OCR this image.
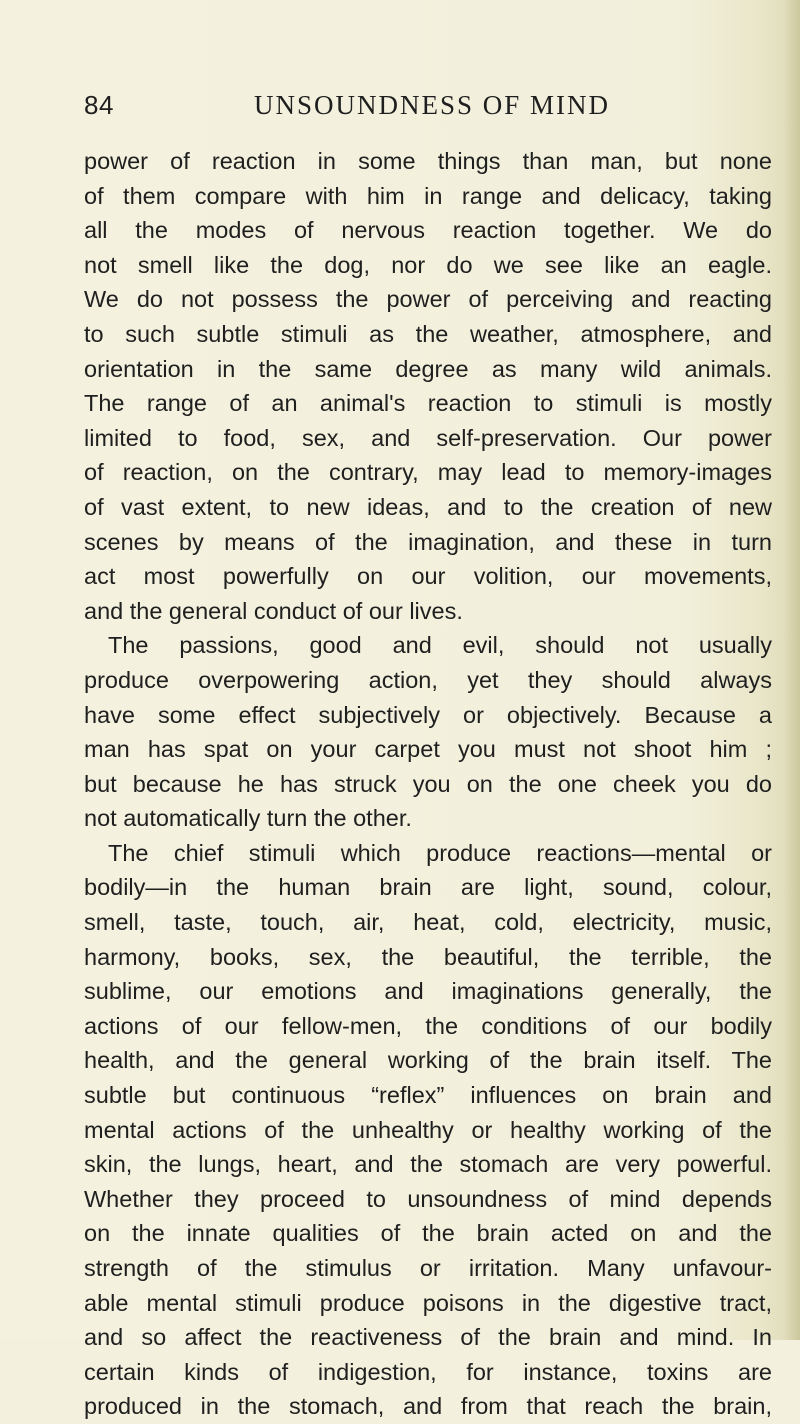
84	UNSOUNDNESS OF MIND
power of reaction in some things than man, but none
of them compare with him in range and delicacy, taking
all the modes of nervous reaction together. We do
not smell like the dog, nor do we see like an eagle.
We do not possess the power of perceiving and reacting
to such subtle stimuli as the weather, atmosphere, and
orientation in the same degree as many wild animals.
The range of an animal's reaction to stimuli is mostly
limited to food, sex, and self-preservation. Our power
of reaction, on the contrary, may lead to memory-images
of vast extent, to new ideas, and to the creation of new
scenes by means of the imagination, and these in turn
act most powerfully on our volition, our movements,
and the general conduct of our lives.
The passions, good and evil, should not usually
produce overpowering action, yet they should always
have some effect subjectively or objectively. Because a
man has spat on your carpet you must not shoot him ;
but because he has struck you on the one cheek you do
not automatically turn the other.
The chief stimuli which produce reactions—mental or
bodily—in the human brain are light, sound, colour,
smell, taste, touch, air, heat, cold, electricity, music,
harmony, books, sex, the beautiful, the terrible, the
sublime, our emotions and imaginations generally, the
actions of our fellow-men, the conditions of our bodily
health, and the general working of the brain itself. The
subtle but continuous “reflex” influences on brain and
mental actions of the unhealthy or healthy working of the
skin, the lungs, heart, and the stomach are very powerful.
Whether they proceed to unsoundness of mind depends
on the innate qualities of the brain acted on and the
strength of the stimulus or irritation. Many unfavour-
able mental stimuli produce poisons in the digestive tract,
and so affect the reactiveness of the brain and mind. In
certain kinds of indigestion, for instance, toxins are
produced in the stomach, and from that reach the brain,
